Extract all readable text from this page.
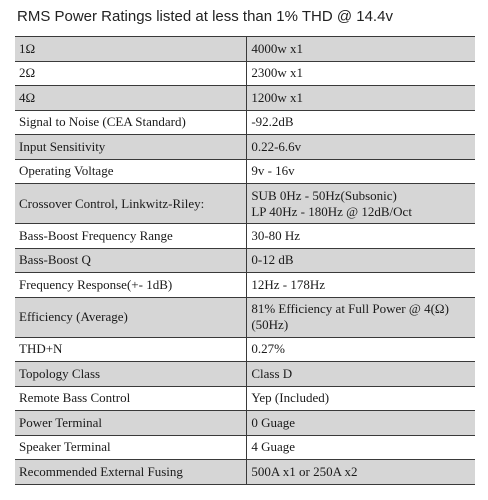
RMS Power Ratings listed at less than 1% THD @ 14.4v
1Ω	4000w x1
2Ω	2300w x1
4Ω	1200w x1
Signal to Noise (CEA Standard)	-92.2dB
Input Sensitivity	0.22-6.6v
Operating Voltage	9v - 16v
Crossover Control, Linkwitz-Riley:	SUB 0Hz - 50Hz(Subsonic)
LP 40Hz - 180Hz @ 12dB/Oct

Bass-Boost Frequency Range	30-80 Hz
Bass-Boost Q	0-12 dB
Frequency Response(+- 1dB)	12Hz - 178Hz
Efficiency (Average)	81% Efficiency at Full Power @ 4(Ω)
(50Hz)

THD+N	0.27%
Topology Class	Class D
Remote Bass Control	Yep (Included)
Power Terminal	0 Guage
Speaker Terminal	4 Guage
Recommended External Fusing	500A x1 or 250A x2
